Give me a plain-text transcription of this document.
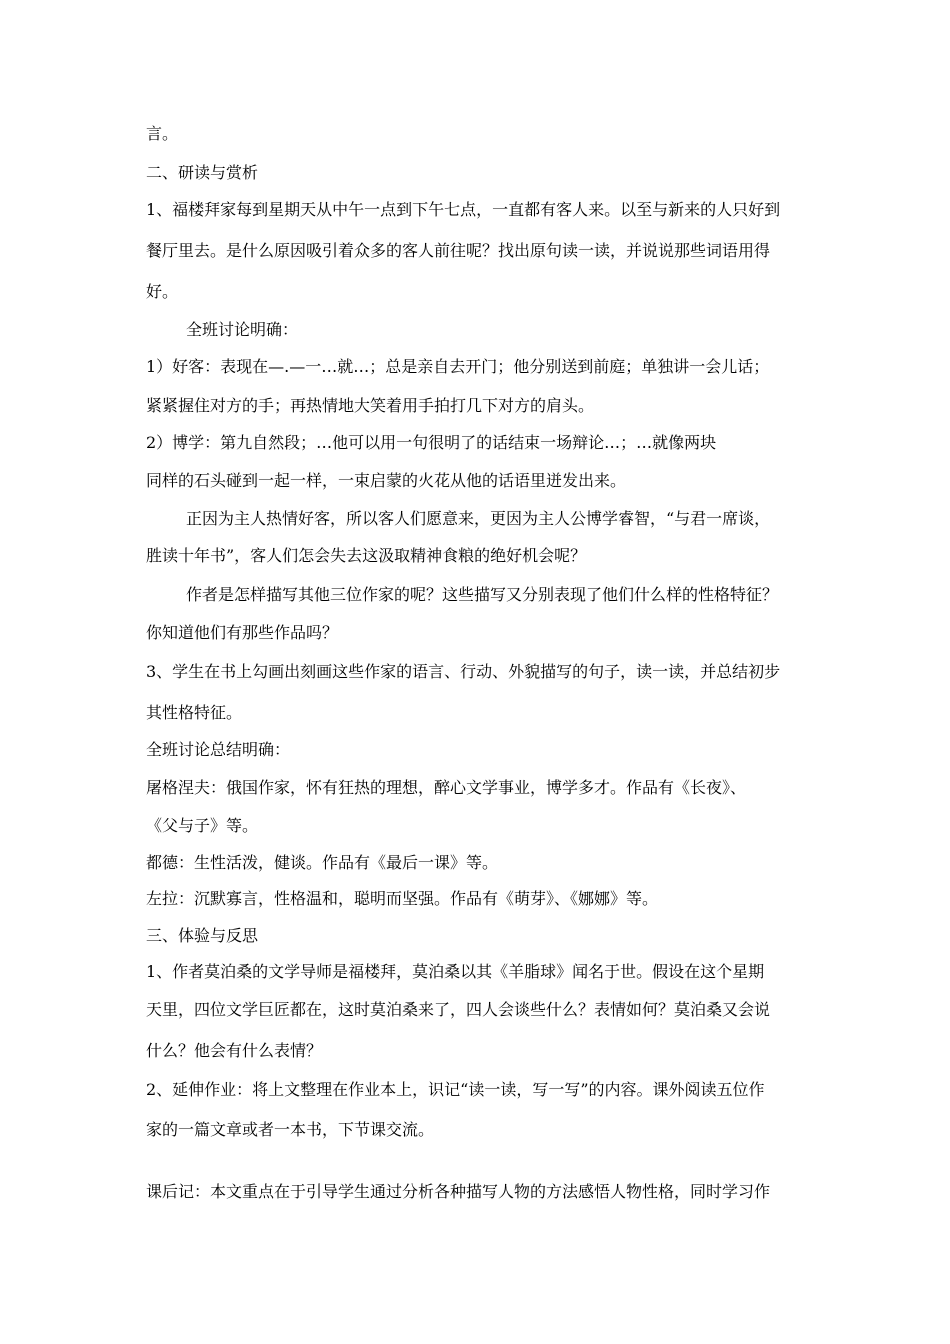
言。
二、研读与赏析
1、福楼拜家每到星期天从中午一点到下午七点，一直都有客人来。以至与新来的人只好到
餐厅里去。是什么原因吸引着众多的客人前往呢？找出原句读一读，并说说那些词语用得
好。
全班讨论明确：
1）好客：表现在—.—一…就…；总是亲自去开门；他分别送到前庭；单独讲一会儿话；
紧紧握住对方的手；再热情地大笑着用手拍打几下对方的肩头。
2）博学：第九自然段；…他可以用一句很明了的话结束一场辩论…；…就像两块
同样的石头碰到一起一样，一束启蒙的火花从他的话语里迸发出来。
正因为主人热情好客，所以客人们愿意来，更因为主人公博学睿智，“与君一席谈，
胜读十年书”，客人们怎会失去这汲取精神食粮的绝好机会呢？
作者是怎样描写其他三位作家的呢？这些描写又分别表现了他们什么样的性格特征？
你知道他们有那些作品吗？
3、学生在书上勾画出刻画这些作家的语言、行动、外貌描写的句子，读一读，并总结初步
其性格特征。
全班讨论总结明确：
屠格涅夫：俄国作家，怀有狂热的理想，醉心文学事业，博学多才。作品有《长夜》、
《父与子》等。
都德：生性活泼，健谈。作品有《最后一课》等。
左拉：沉默寡言，性格温和，聪明而坚强。作品有《萌芽》、《娜娜》等。
三、体验与反思
1、作者莫泊桑的文学导师是福楼拜，莫泊桑以其《羊脂球》闻名于世。假设在这个星期
天里，四位文学巨匠都在，这时莫泊桑来了，四人会谈些什么？表情如何？莫泊桑又会说
什么？他会有什么表情？
2、延伸作业：将上文整理在作业本上，识记“读一读，写一写”的内容。课外阅读五位作
家的一篇文章或者一本书，下节课交流。
课后记：本文重点在于引导学生通过分析各种描写人物的方法感悟人物性格，同时学习作
